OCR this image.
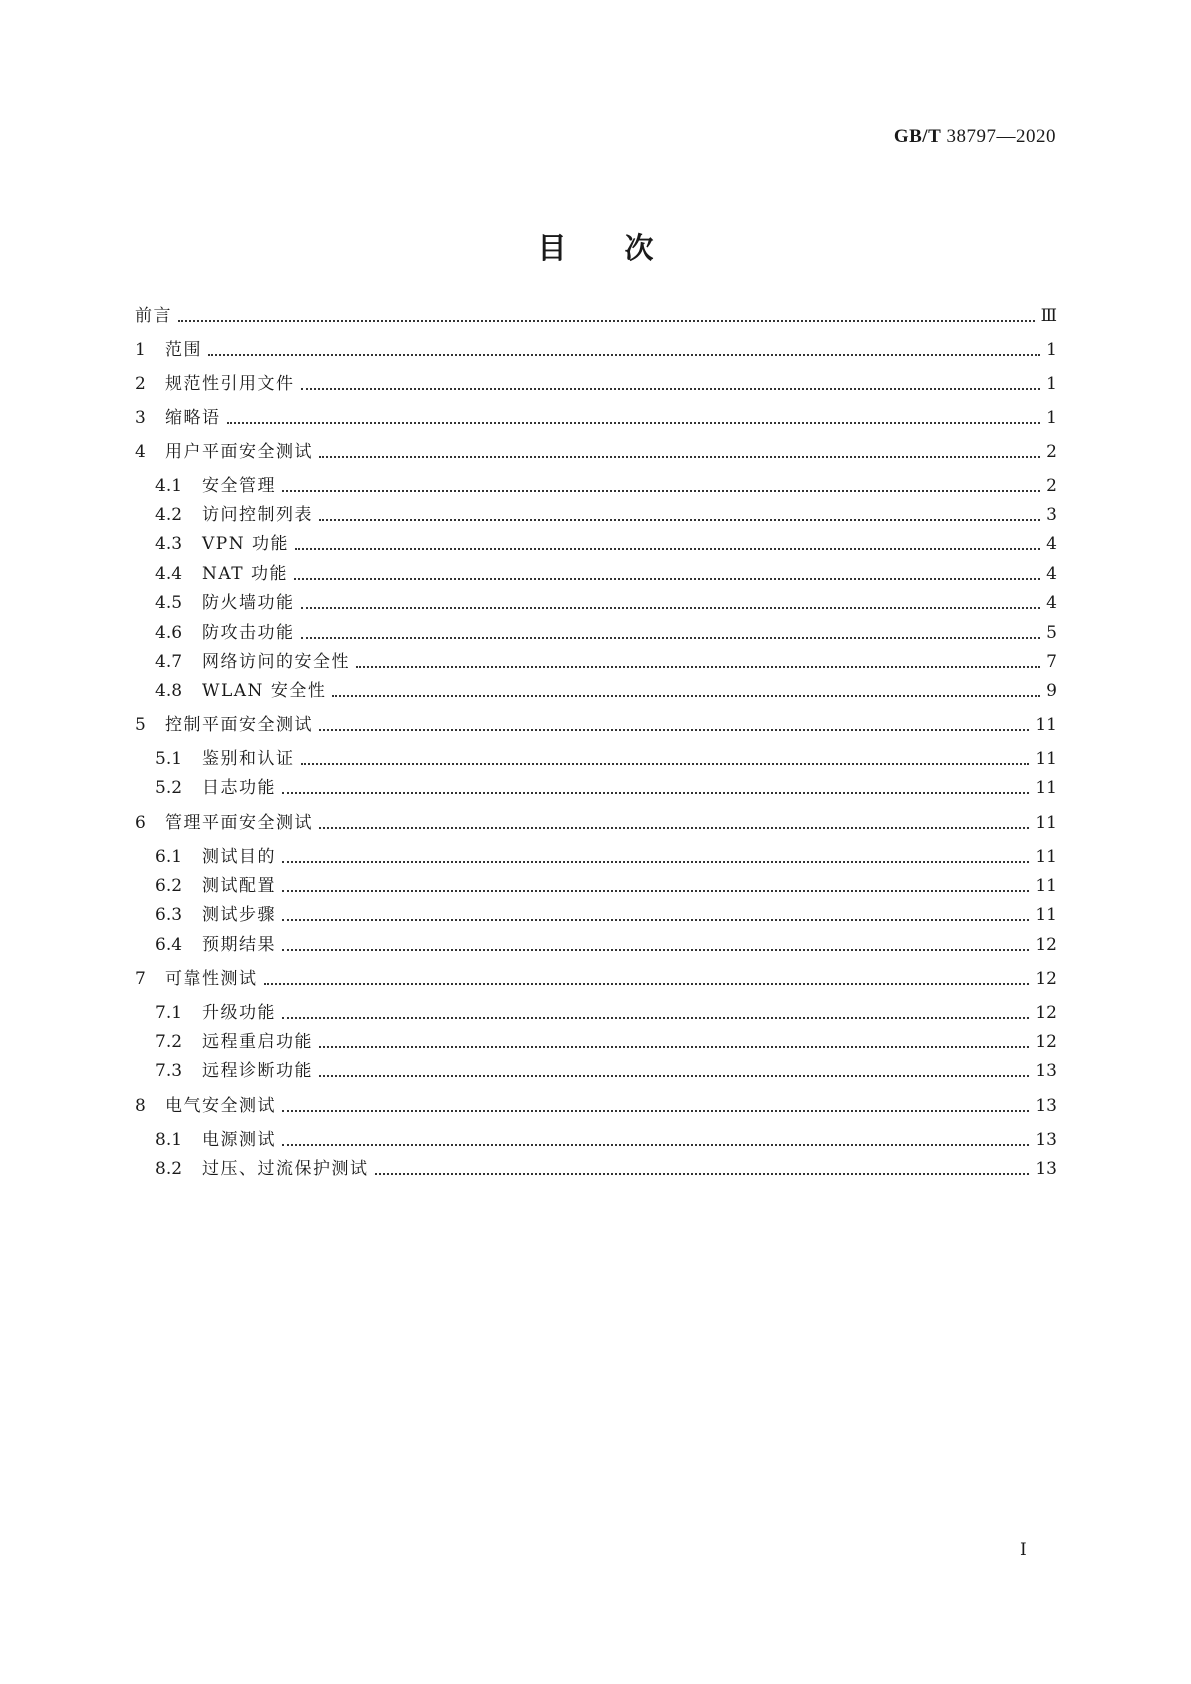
GB/T 38797—2020
目 次
前言	Ⅲ
1	范围	1
2	规范性引用文件	1
3	缩略语	1
4	用户平面安全测试	2
4.1	安全管理	2
4.2	访问控制列表	3
4.3	VPN 功能	4
4.4	NAT 功能	4
4.5	防火墙功能	4
4.6	防攻击功能	5
4.7	网络访问的安全性	7
4.8	WLAN 安全性	9
5	控制平面安全测试	11
5.1	鉴别和认证	11
5.2	日志功能	11
6	管理平面安全测试	11
6.1	测试目的	11
6.2	测试配置	11
6.3	测试步骤	11
6.4	预期结果	12
7	可靠性测试	12
7.1	升级功能	12
7.2	远程重启功能	12
7.3	远程诊断功能	13
8	电气安全测试	13
8.1	电源测试	13
8.2	过压、过流保护测试	13
Ⅰ
